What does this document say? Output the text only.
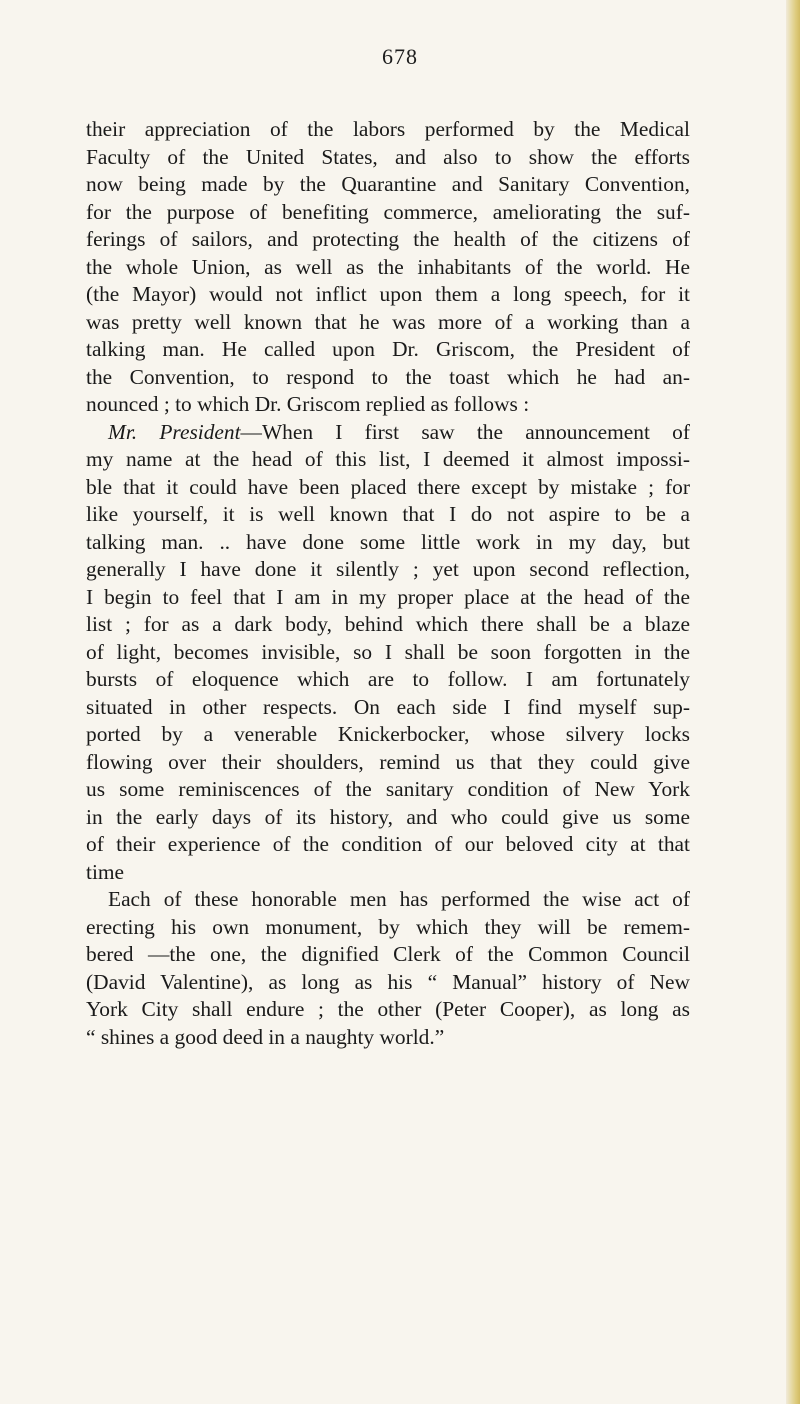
678
their appreciation of the labors performed by the Medical
Faculty of the United States, and also to show the efforts
now being made by the Quarantine and Sanitary Convention,
for the purpose of benefiting commerce, ameliorating the suf-
ferings of sailors, and protecting the health of the citizens of
the whole Union, as well as the inhabitants of the world. He
(the Mayor) would not inflict upon them a long speech, for it
was pretty well known that he was more of a working than a
talking man. He called upon Dr. Griscom, the President of
the Convention, to respond to the toast which he had an-
nounced ; to which Dr. Griscom replied as follows :
Mr. President—When I first saw the announcement of
my name at the head of this list, I deemed it almost impossi-
ble that it could have been placed there except by mistake ; for
like yourself, it is well known that I do not aspire to be a
talking man. .. have done some little work in my day, but
generally I have done it silently ; yet upon second reflection,
I begin to feel that I am in my proper place at the head of the
list ; for as a dark body, behind which there shall be a blaze
of light, becomes invisible, so I shall be soon forgotten in the
bursts of eloquence which are to follow. I am fortunately
situated in other respects. On each side I find myself sup-
ported by a venerable Knickerbocker, whose silvery locks
flowing over their shoulders, remind us that they could give
us some reminiscences of the sanitary condition of New York
in the early days of its history, and who could give us some
of their experience of the condition of our beloved city at that
time
Each of these honorable men has performed the wise act of
erecting his own monument, by which they will be remem-
bered —the one, the dignified Clerk of the Common Council
(David Valentine), as long as his “ Manual” history of New
York City shall endure ; the other (Peter Cooper), as long as
“ shines a good deed in a naughty world.”
